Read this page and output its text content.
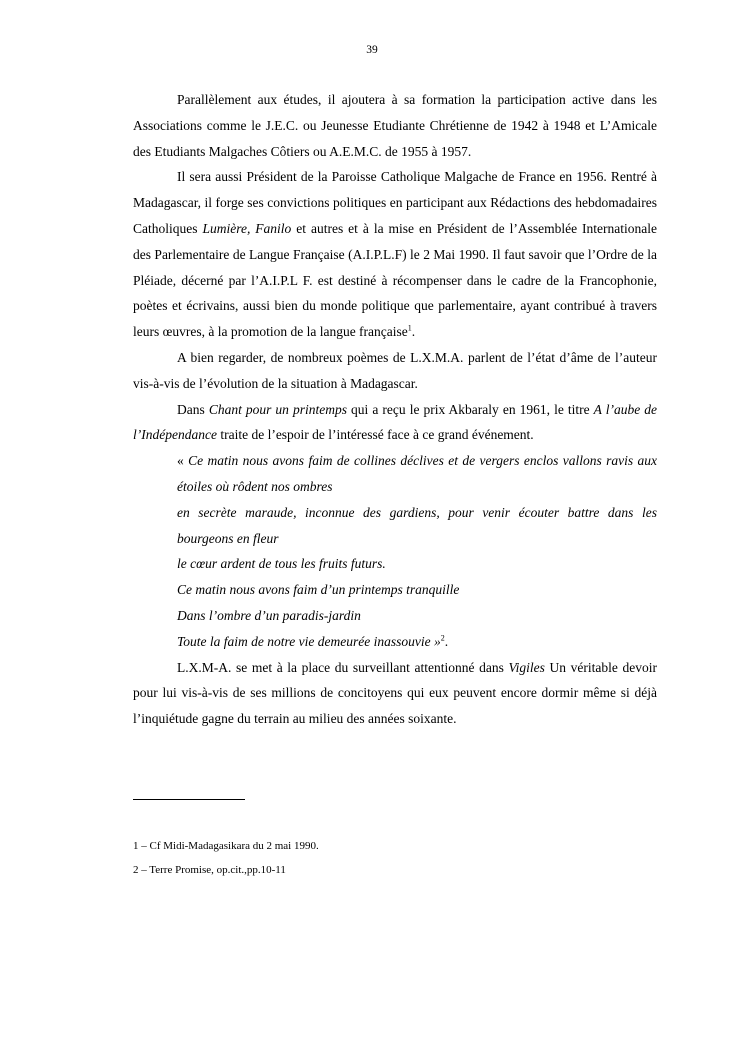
39

Parallèlement aux études, il ajoutera à sa formation la participation active dans les Associations comme le J.E.C. ou Jeunesse Etudiante Chrétienne de 1942 à 1948 et L’Amicale des Etudiants Malgaches Côtiers ou A.E.M.C. de 1955 à 1957.

Il sera aussi Président de la Paroisse Catholique Malgache de France en 1956. Rentré à Madagascar, il forge ses convictions politiques en participant aux Rédactions des hebdomadaires Catholiques Lumière, Fanilo et autres et à la mise en Président de l’Assemblée Internationale des Parlementaire de Langue Française (A.I.P.L.F) le 2 Mai 1990. Il faut savoir que l’Ordre de la Pléiade, décerné par l’A.I.P.L F. est destiné à récompenser dans le cadre de la Francophonie, poètes et écrivains, aussi bien du monde politique que parlementaire, ayant contribué à travers leurs œuvres, à la promotion de la langue française$^1$.

A bien regarder, de nombreux poèmes de L.X.M.A. parlent de l’état d’âme de l’auteur vis-à-vis de l’évolution de la situation à Madagascar.

Dans Chant pour un printemps qui a reçu le prix Akbaraly en 1961, le titre A l’aube de l’Indépendance traite de l’espoir de l’intéressé face à ce grand événement.

« Ce matin nous avons faim de collines déclives et de vergers enclos vallons ravis aux étoiles où rôdent nos ombres

en secrète maraude, inconnue des gardiens, pour venir écouter battre dans les bourgeons en fleur

le cœur ardent de tous les fruits futurs.

Ce matin nous avons faim d’un printemps tranquille

Dans l’ombre d’un paradis-jardin

Toute la faim de notre vie demeurée inassouvie »$^2$.

L.X.M-A. se met à la place du surveillant attentionné dans Vigiles Un véritable devoir pour lui vis-à-vis de ses millions de concitoyens qui eux peuvent encore dormir même si déjà l’inquiétude gagne du terrain au milieu des années soixante.

1 – Cf Midi-Madagasikara du 2 mai 1990.

2 – Terre Promise, op.cit.,pp.10-11
